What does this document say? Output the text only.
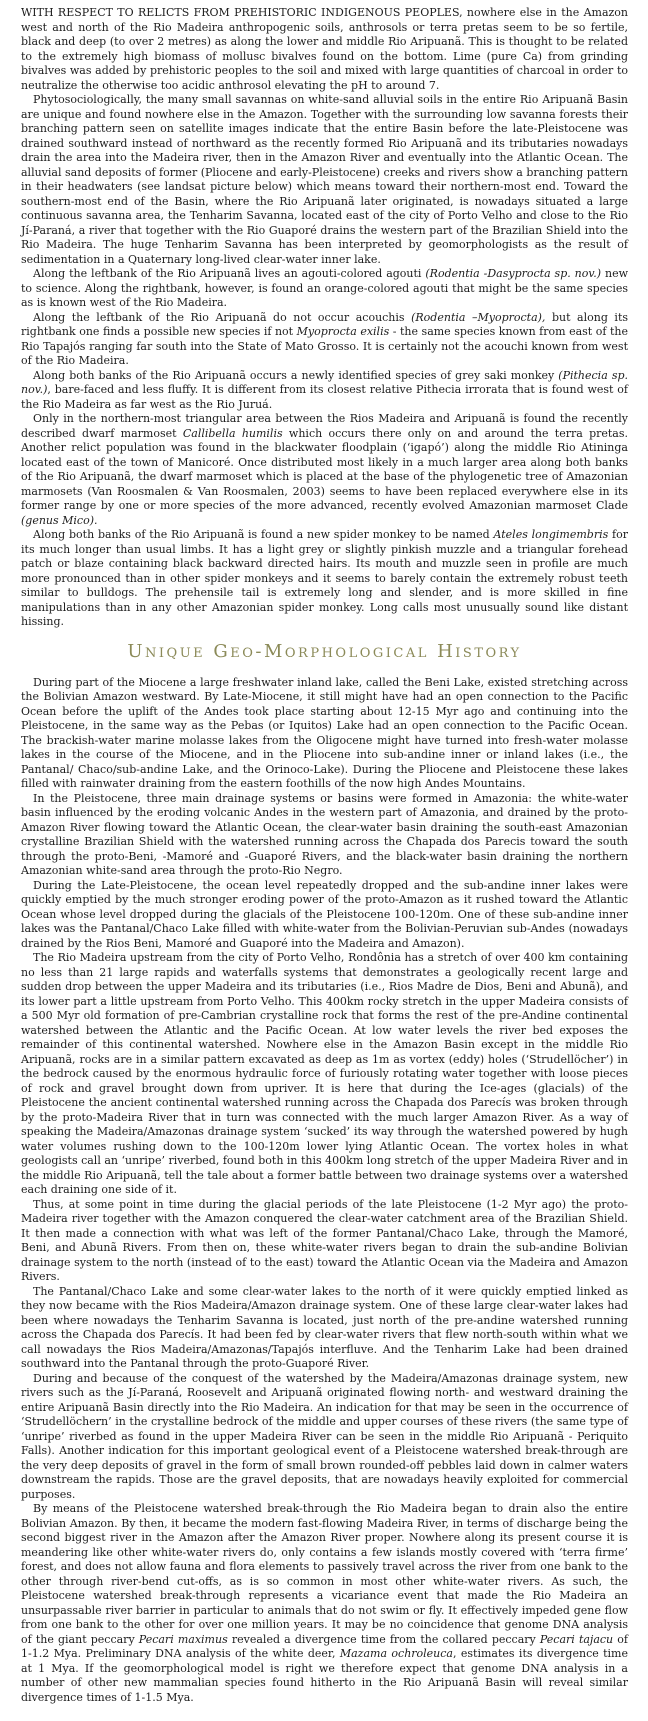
WITH RESPECT TO RELICTS FROM PREHISTORIC INDIGENOUS PEOPLES, nowhere else in the Amazon west and north of the Rio Madeira anthropogenic soils, anthrosols or terra pretas seem to be so fertile, black and deep (to over 2 metres) as along the lower and middle Rio Aripuanã. This is thought to be related to the extremely high biomass of mollusc bivalves found on the bottom. Lime (pure Ca) from grinding bivalves was added by prehistoric peoples to the soil and mixed with large quantities of charcoal in order to neutralize the otherwise too acidic anthrosol elevating the pH to around 7.

Phytosociologically, the many small savannas on white-sand alluvial soils in the entire Rio Aripuanã Basin are unique and found nowhere else in the Amazon. Together with the surrounding low savanna forests their branching pattern seen on satellite images indicate that the entire Basin before the late-Pleistocene was drained southward instead of northward as the recently formed Rio Aripuanã and its tributaries nowadays drain the area into the Madeira river, then in the Amazon River and eventually into the Atlantic Ocean. The alluvial sand deposits of former (Pliocene and early-Pleistocene) creeks and rivers show a branching pattern in their headwaters (see landsat picture below) which means toward their northern-most end. Toward the southern-most end of the Basin, where the Rio Aripuanã later originated, is nowadays situated a large continuous savanna area, the Tenharim Savanna, located east of the city of Porto Velho and close to the Rio Jí-Paraná, a river that together with the Rio Guaporé drains the western part of the Brazilian Shield into the Rio Madeira. The huge Tenharim Savanna has been interpreted by geomorphologists as the result of sedimentation in a Quaternary long-lived clear-water inner lake.

Along the leftbank of the Rio Aripuanã lives an agouti-colored agouti (Rodentia -Dasyprocta sp. nov.) new to science. Along the rightbank, however, is found an orange-colored agouti that might be the same species as is known west of the Rio Madeira.

Along the leftbank of the Rio Aripuanã do not occur acouchis (Rodentia –Myoprocta), but along its rightbank one finds a possible new species if not Myoprocta exilis - the same species known from east of the Rio Tapajós ranging far south into the State of Mato Grosso. It is certainly not the acouchi known from west of the Rio Madeira.

Along both banks of the Rio Aripuanã occurs a newly identified species of grey saki monkey (Pithecia sp. nov.), bare-faced and less fluffy. It is different from its closest relative Pithecia irrorata that is found west of the Rio Madeira as far west as the Rio Juruá.

Only in the northern-most triangular area between the Rios Madeira and Aripuanã is found the recently described dwarf marmoset Callibella humilis which occurs there only on and around the terra pretas. Another relict population was found in the blackwater floodplain (‘igapó’) along the middle Rio Atininga located east of the town of Manicoré. Once distributed most likely in a much larger area along both banks of the Rio Aripuanã, the dwarf marmoset which is placed at the base of the phylogenetic tree of Amazonian marmosets (Van Roosmalen & Van Roosmalen, 2003) seems to have been replaced everywhere else in its former range by one or more species of the more advanced, recently evolved Amazonian marmoset Clade (genus Mico).

Along both banks of the Rio Aripuanã is found a new spider monkey to be named Ateles longimembris for its much longer than usual limbs. It has a light grey or slightly pinkish muzzle and a triangular forehead patch or blaze containing black backward directed hairs. Its mouth and muzzle seen in profile are much more pronounced than in other spider monkeys and it seems to barely contain the extremely robust teeth similar to bulldogs. The prehensile tail is extremely long and slender, and is more skilled in fine manipulations than in any other Amazonian spider monkey. Long calls most unusually sound like distant hissing.

Unique Geo-Morphological History

During part of the Miocene a large freshwater inland lake, called the Beni Lake, existed stretching across the Bolivian Amazon westward. By Late-Miocene, it still might have had an open connection to the Pacific Ocean before the uplift of the Andes took place starting about 12-15 Myr ago and continuing into the Pleistocene, in the same way as the Pebas (or Iquitos) Lake had an open connection to the Pacific Ocean. The brackish-water marine molasse lakes from the Oligocene might have turned into fresh-water molasse lakes in the course of the Miocene, and in the Pliocene into sub-andine inner or inland lakes (i.e., the Pantanal/ Chaco/sub-andine Lake, and the Orinoco-Lake). During the Pliocene and Pleistocene these lakes filled with rainwater draining from the eastern foothills of the now high Andes Mountains.

In the Pleistocene, three main drainage systems or basins were formed in Amazonia: the white-water basin influenced by the eroding volcanic Andes in the western part of Amazonia, and drained by the proto-Amazon River flowing toward the Atlantic Ocean, the clear-water basin draining the south-east Amazonian crystalline Brazilian Shield with the watershed running across the Chapada dos Parecis toward the south through the proto-Beni, -Mamoré and -Guaporé Rivers, and the black-water basin draining the northern Amazonian white-sand area through the proto-Rio Negro.

During the Late-Pleistocene, the ocean level repeatedly dropped and the sub-andine inner lakes were quickly emptied by the much stronger eroding power of the proto-Amazon as it rushed toward the Atlantic Ocean whose level dropped during the glacials of the Pleistocene 100-120m. One of these sub-andine inner lakes was the Pantanal/Chaco Lake filled with white-water from the Bolivian-Peruvian sub-Andes (nowadays drained by the Rios Beni, Mamoré and Guaporé into the Madeira and Amazon).

The Rio Madeira upstream from the city of Porto Velho, Rondônia has a stretch of over 400 km containing no less than 21 large rapids and waterfalls systems that demonstrates a geologically recent large and sudden drop between the upper Madeira and its tributaries (i.e., Rios Madre de Dios, Beni and Abunã), and its lower part a little upstream from Porto Velho. This 400km rocky stretch in the upper Madeira consists of a 500 Myr old formation of pre-Cambrian crystalline rock that forms the rest of the pre-Andine continental watershed between the Atlantic and the Pacific Ocean. At low water levels the river bed exposes the remainder of this continental watershed. Nowhere else in the Amazon Basin except in the middle Rio Aripuanã, rocks are in a similar pattern excavated as deep as 1m as vortex (eddy) holes (‘Strudellöcher’) in the bedrock caused by the enormous hydraulic force of furiously rotating water together with loose pieces of rock and gravel brought down from upriver. It is here that during the Ice-ages (glacials) of the Pleistocene the ancient continental watershed running across the Chapada dos Parecís was broken through by the proto-Madeira River that in turn was connected with the much larger Amazon River. As a way of speaking the Madeira/Amazonas drainage system ‘sucked’ its way through the watershed powered by hugh water volumes rushing down to the 100-120m lower lying Atlantic Ocean. The vortex holes in what geologists call an ‘unripe’ riverbed, found both in this 400km long stretch of the upper Madeira River and in the middle Rio Aripuanã, tell the tale about a former battle between two drainage systems over a watershed each draining one side of it.

Thus, at some point in time during the glacial periods of the late Pleistocene (1-2 Myr ago) the proto-Madeira river together with the Amazon conquered the clear-water catchment area of the Brazilian Shield. It then made a connection with what was left of the former Pantanal/Chaco Lake, through the Mamoré, Beni, and Abunã Rivers. From then on, these white-water rivers began to drain the sub-andine Bolivian drainage system to the north (instead of to the east) toward the Atlantic Ocean via the Madeira and Amazon Rivers.

The Pantanal/Chaco Lake and some clear-water lakes to the north of it were quickly emptied linked as they now became with the Rios Madeira/Amazon drainage system. One of these large clear-water lakes had been where nowadays the Tenharim Savanna is located, just north of the pre-andine watershed running across the Chapada dos Parecís. It had been fed by clear-water rivers that flew north-south within what we call nowadays the Rios Madeira/Amazonas/Tapajós interfluve. And the Tenharim Lake had been drained southward into the Pantanal through the proto-Guaporé River.

During and because of the conquest of the watershed by the Madeira/Amazonas drainage system, new rivers such as the Jí-Paraná, Roosevelt and Aripuanã originated flowing north- and westward draining the entire Aripuanã Basin directly into the Rio Madeira. An indication for that may be seen in the occurrence of ‘Strudellöchern’ in the crystalline bedrock of the middle and upper courses of these rivers (the same type of ‘unripe’ riverbed as found in the upper Madeira River can be seen in the middle Rio Aripuanã - Periquito Falls). Another indication for this important geological event of a Pleistocene watershed break-through are the very deep deposits of gravel in the form of small brown rounded-off pebbles laid down in calmer waters downstream the rapids. Those are the gravel deposits, that are nowadays heavily exploited for commercial purposes.

By means of the Pleistocene watershed break-through the Rio Madeira began to drain also the entire Bolivian Amazon. By then, it became the modern fast-flowing Madeira River, in terms of discharge being the second biggest river in the Amazon after the Amazon River proper. Nowhere along its present course it is meandering like other white-water rivers do, only contains a few islands mostly covered with ‘terra firme’ forest, and does not allow fauna and flora elements to passively travel across the river from one bank to the other through river-bend cut-offs, as is so common in most other white-water rivers. As such, the Pleistocene watershed break-through represents a vicariance event that made the Rio Madeira an unsurpassable river barrier in particular to animals that do not swim or fly. It effectively impeded gene flow from one bank to the other for over one million years. It may be no coincidence that genome DNA analysis of the giant peccary Pecari maximus revealed a divergence time from the collared peccary Pecari tajacu of 1-1.2 Mya. Preliminary DNA analysis of the white deer, Mazama ochroleuca, estimates its divergence time at 1 Mya. If the geomorphological model is right we therefore expect that genome DNA analysis in a number of other new mammalian species found hitherto in the Rio Aripuanã Basin will reveal similar divergence times of 1-1.5 Mya.
